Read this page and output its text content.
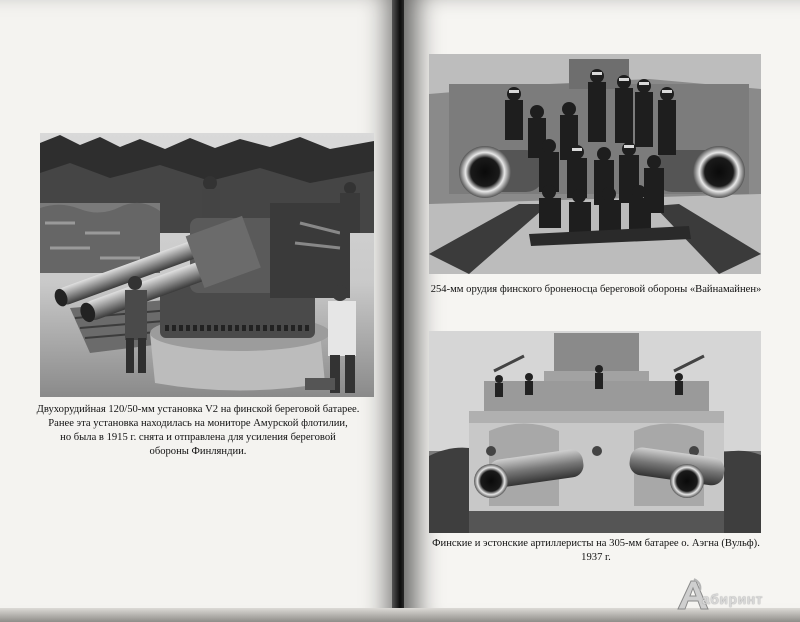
Двухорудийная 120/50-мм установка V2 на финской береговой батарее.
Ранее эта установка находилась на мониторе Амурской флотилии,
но была в 1915 г. снята и отправлена для усиления береговой
обороны Финляндии.
254-мм орудия финского броненосца береговой обороны «Вайнамайнен»
Финские и эстонские артиллеристы на 305-мм батарее о. Аэгна (Вульф).
1937 г.
абиринт
